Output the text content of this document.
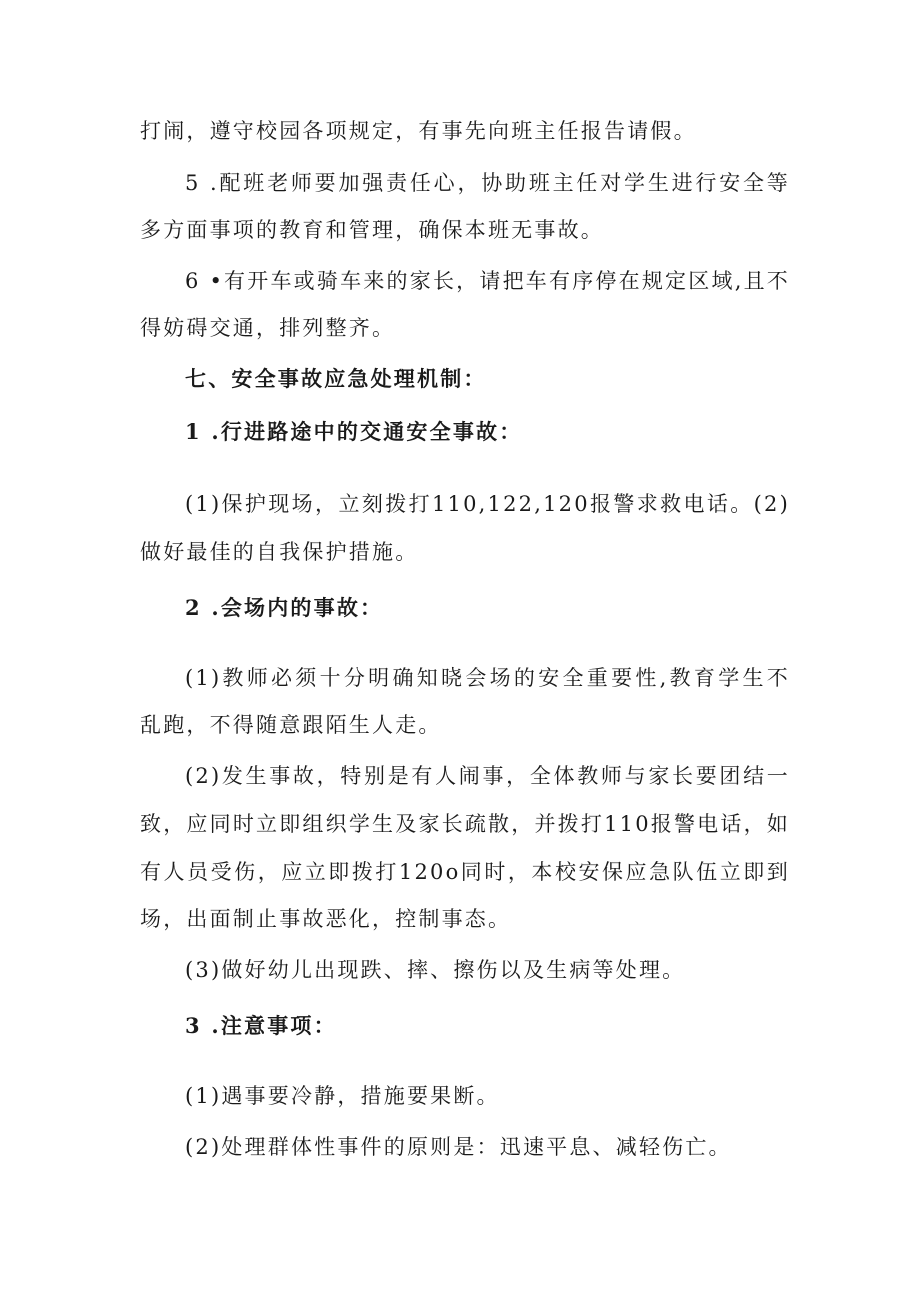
打闹，遵守校园各项规定，有事先向班主任报告请假。
5 .配班老师要加强责任心，协助班主任对学生进行安全等
多方面事项的教育和管理，确保本班无事故。
6 •有开车或骑车来的家长，请把车有序停在规定区域,且不
得妨碍交通，排列整齐。
七、安全事故应急处理机制：
1 .行进路途中的交通安全事故：
(1)保护现场，立刻拨打110,122,120报警求救电话。(2)
做好最佳的自我保护措施。
2 .会场内的事故：
(1)教师必须十分明确知晓会场的安全重要性,教育学生不
乱跑，不得随意跟陌生人走。
(2)发生事故，特别是有人闹事，全体教师与家长要团结一
致，应同时立即组织学生及家长疏散，并拨打110报警电话，如
有人员受伤，应立即拨打120o同时，本校安保应急队伍立即到
场，出面制止事故恶化，控制事态。
(3)做好幼儿出现跌、摔、擦伤以及生病等处理。
3 .注意事项：
(1)遇事要冷静，措施要果断。
(2)处理群体性事件的原则是：迅速平息、减轻伤亡。
